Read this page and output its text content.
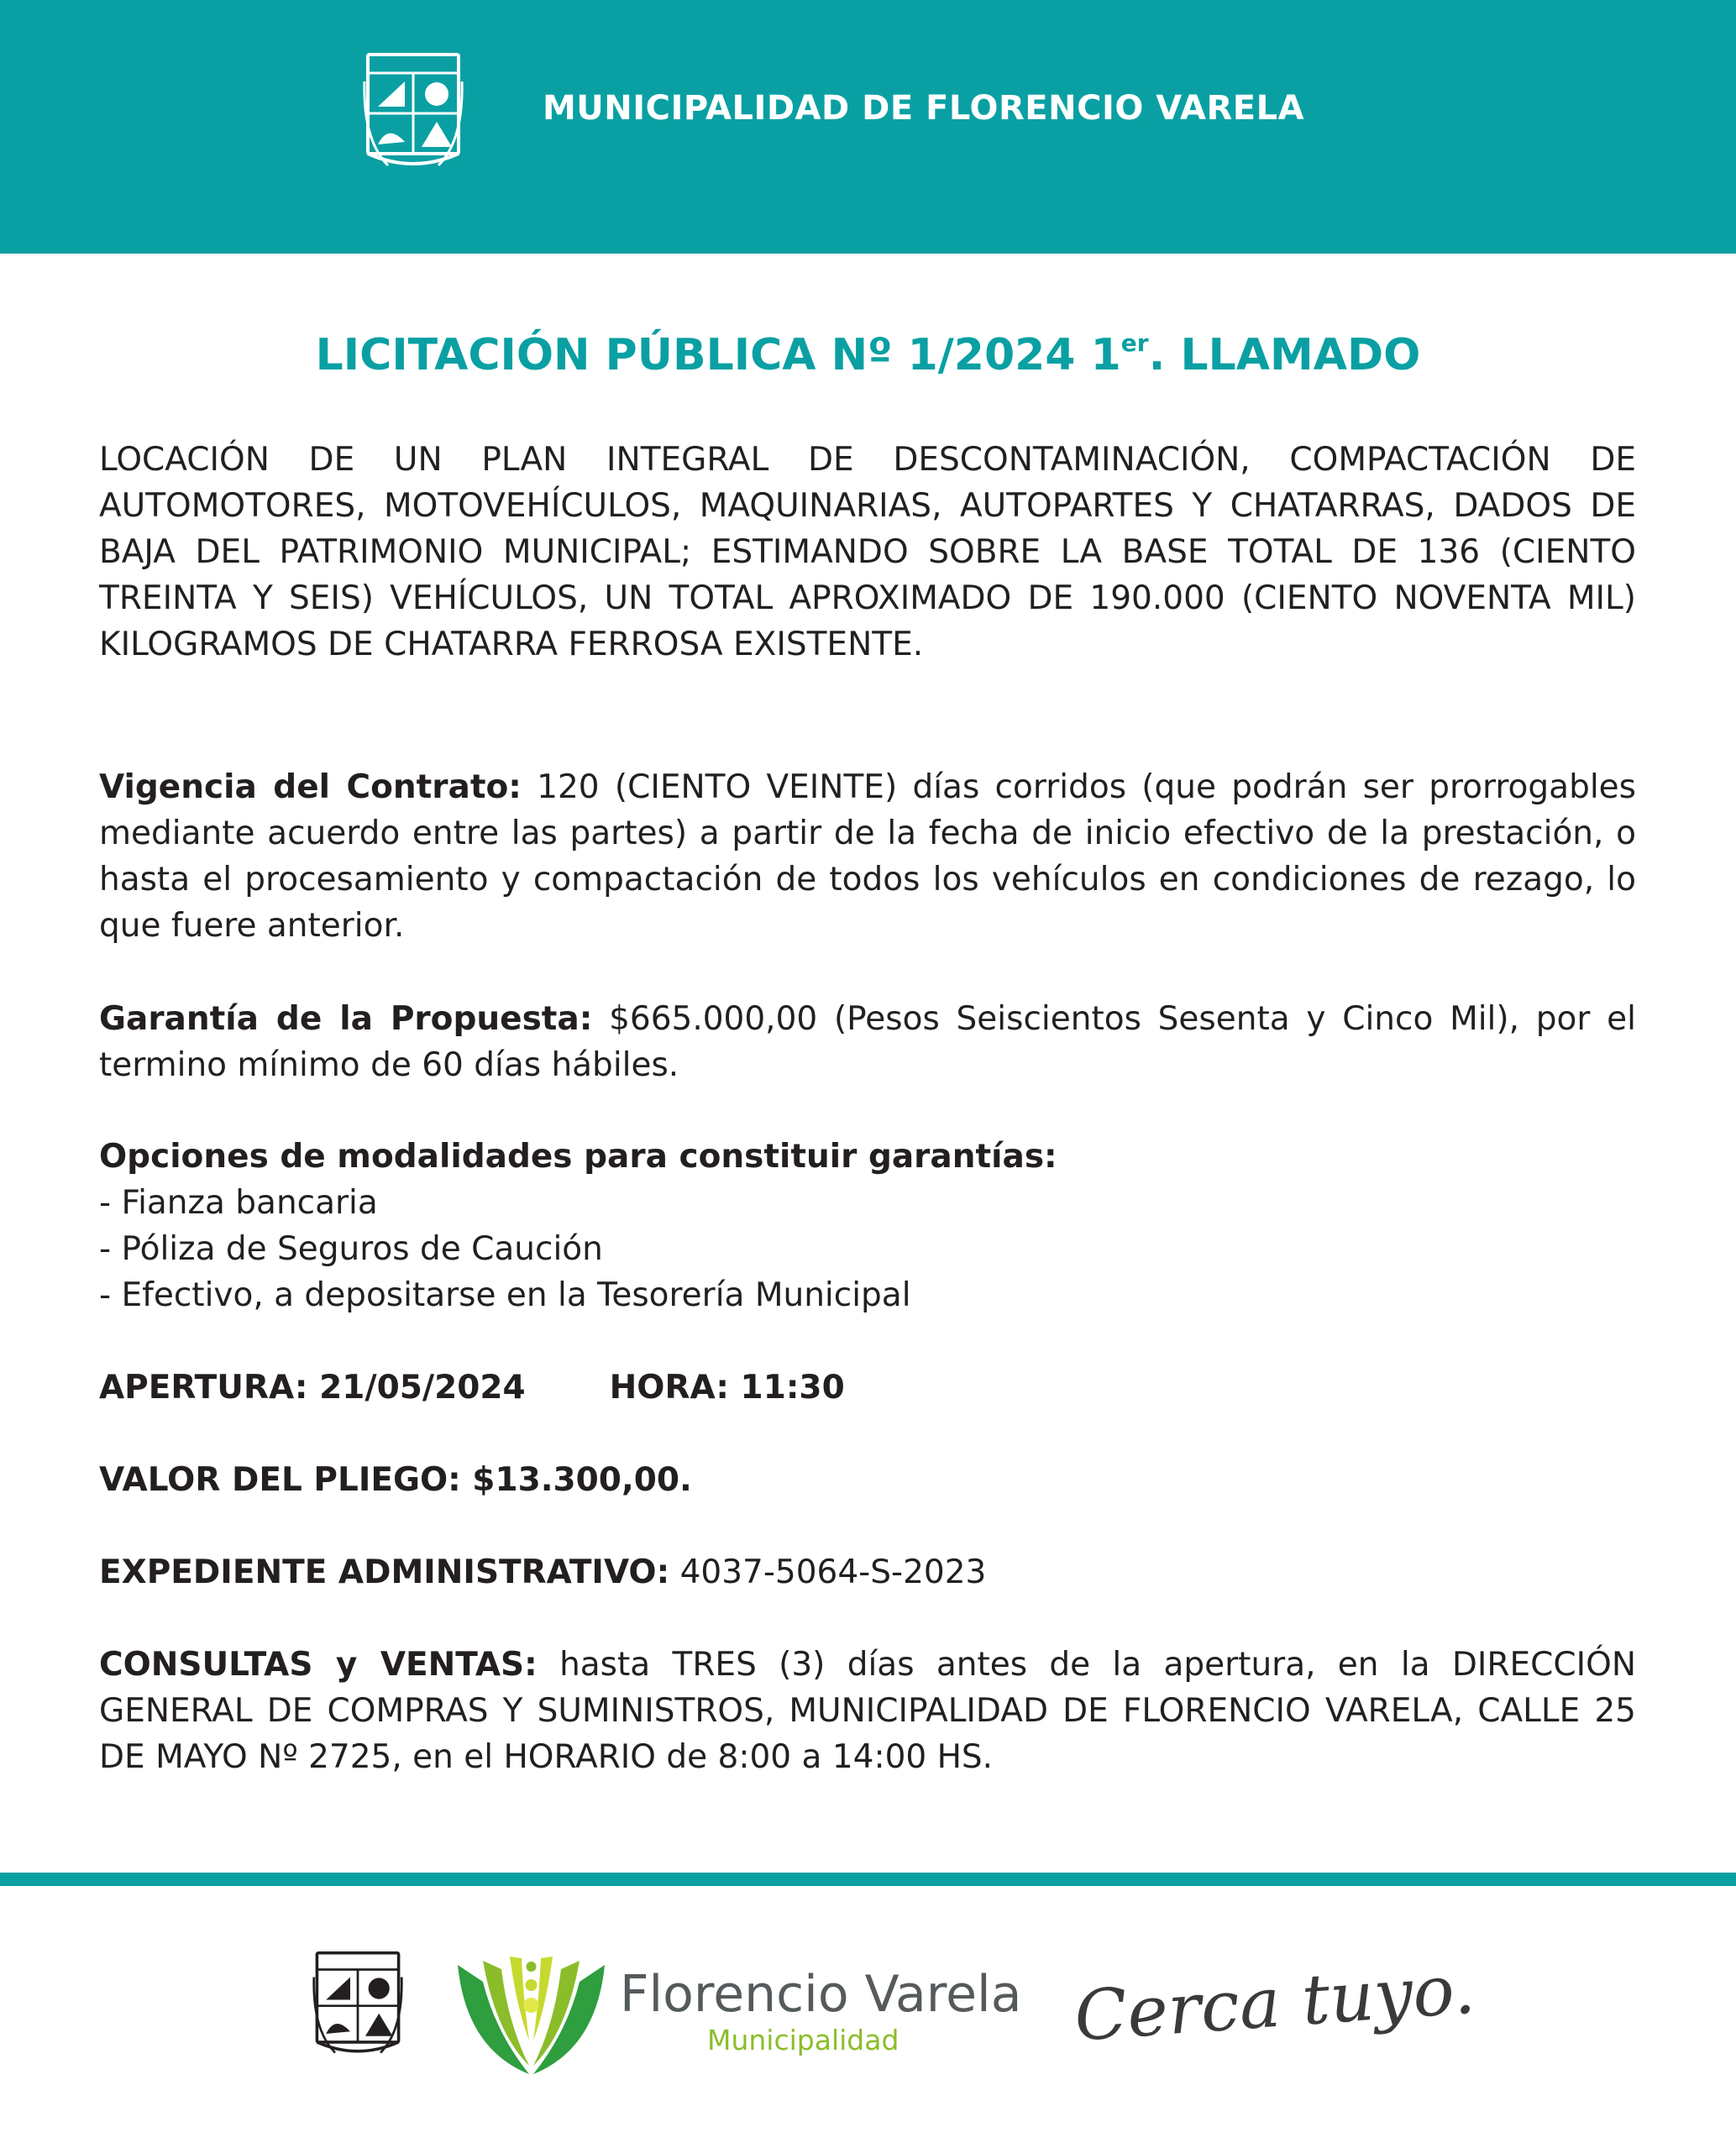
MUNICIPALIDAD DE FLORENCIO VARELA
LICITACIÓN PÚBLICA Nº 1/2024 1er. LLAMADO
LOCACIÓN DE UN PLAN INTEGRAL DE DESCONTAMINACIÓN, COMPACTACIÓN DE AUTOMOTORES, MOTOVEHÍCULOS, MAQUINARIAS, AUTOPARTES Y CHATARRAS, DADOS DE BAJA DEL PATRIMONIO MUNICIPAL; ESTIMANDO SOBRE LA BASE TOTAL DE 136 (CIENTO TREINTA Y SEIS) VEHÍCULOS, UN TOTAL APROXIMADO DE 190.000 (CIENTO NOVENTA MIL) KILOGRAMOS DE CHATARRA FERROSA EXISTENTE.
Vigencia del Contrato: 120 (CIENTO VEINTE) días corridos (que podrán ser prorrogables mediante acuerdo entre las partes) a partir de la fecha de inicio efectivo de la prestación, o hasta el procesamiento y compactación de todos los vehículos en condiciones de rezago, lo que fuere anterior.
Garantía de la Propuesta: $665.000,00 (Pesos Seiscientos Sesenta y Cinco Mil), por el termino mínimo de 60 días hábiles.
Opciones de modalidades para constituir garantías:
- Fianza bancaria
- Póliza de Seguros de Caución
- Efectivo, a depositarse en la Tesorería Municipal
APERTURA: 21/05/2024	HORA: 11:30
VALOR DEL PLIEGO: $13.300,00.
EXPEDIENTE ADMINISTRATIVO: 4037-5064-S-2023
CONSULTAS y VENTAS: hasta TRES (3) días antes de la apertura, en la DIRECCIÓN GENERAL DE COMPRAS Y SUMINISTROS, MUNICIPALIDAD DE FLORENCIO VARELA, CALLE 25 DE MAYO Nº 2725, en el HORARIO de 8:00 a 14:00 HS.
Florencio Varela
Municipalidad	Cerca tuyo.
